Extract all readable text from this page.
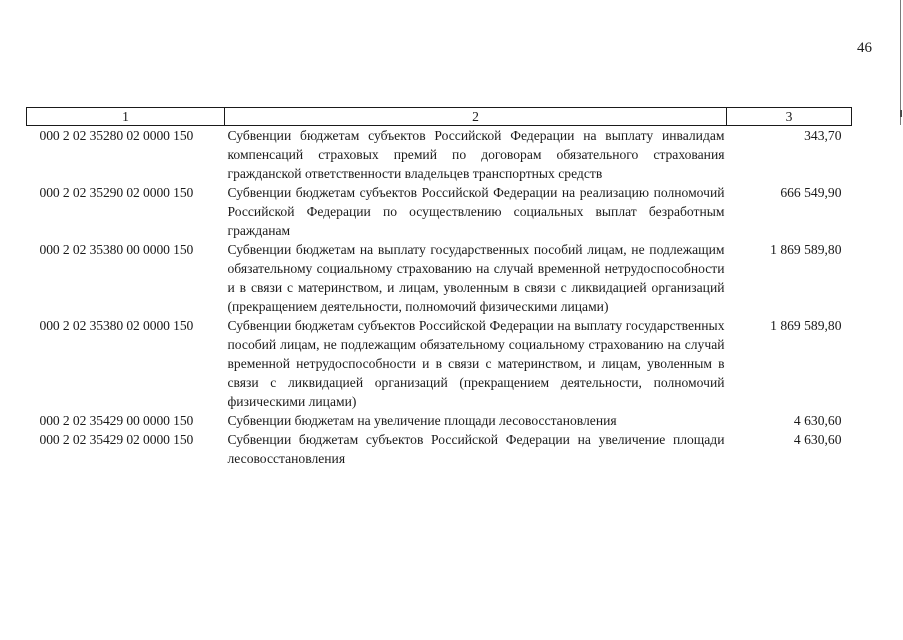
46
1	2	3
000 2 02 35280 02 0000 150	Субвенции бюджетам субъектов Российской Федерации на выплату инвалидам компенсаций страховых премий по договорам обязательного страхования гражданской ответственности владельцев транспортных средств	343,70
000 2 02 35290 02 0000 150	Субвенции бюджетам субъектов Российской Федерации на реализацию полномочий Российской Федерации по осуществлению социальных выплат безработным гражданам	666 549,90
000 2 02 35380 00 0000 150	Субвенции бюджетам на выплату государственных пособий лицам, не подлежащим обязательному социальному страхованию на случай временной нетрудоспособности и в связи с материнством, и лицам, уволенным в связи с ликвидацией организаций (прекращением деятельности, полномочий физическими лицами)	1 869 589,80
000 2 02 35380 02 0000 150	Субвенции бюджетам субъектов Российской Федерации на выплату государственных пособий лицам, не подлежащим обязательному социальному страхованию на случай временной нетрудоспособности и в связи с материнством, и лицам, уволенным в связи с ликвидацией организаций (прекращением деятельности, полномочий физическими лицами)	1 869 589,80
000 2 02 35429 00 0000 150	Субвенции бюджетам на увеличение площади лесовосстановления	4 630,60
000 2 02 35429 02 0000 150	Субвенции бюджетам субъектов Российской Федерации на увеличение площади лесовосстановления	4 630,60
